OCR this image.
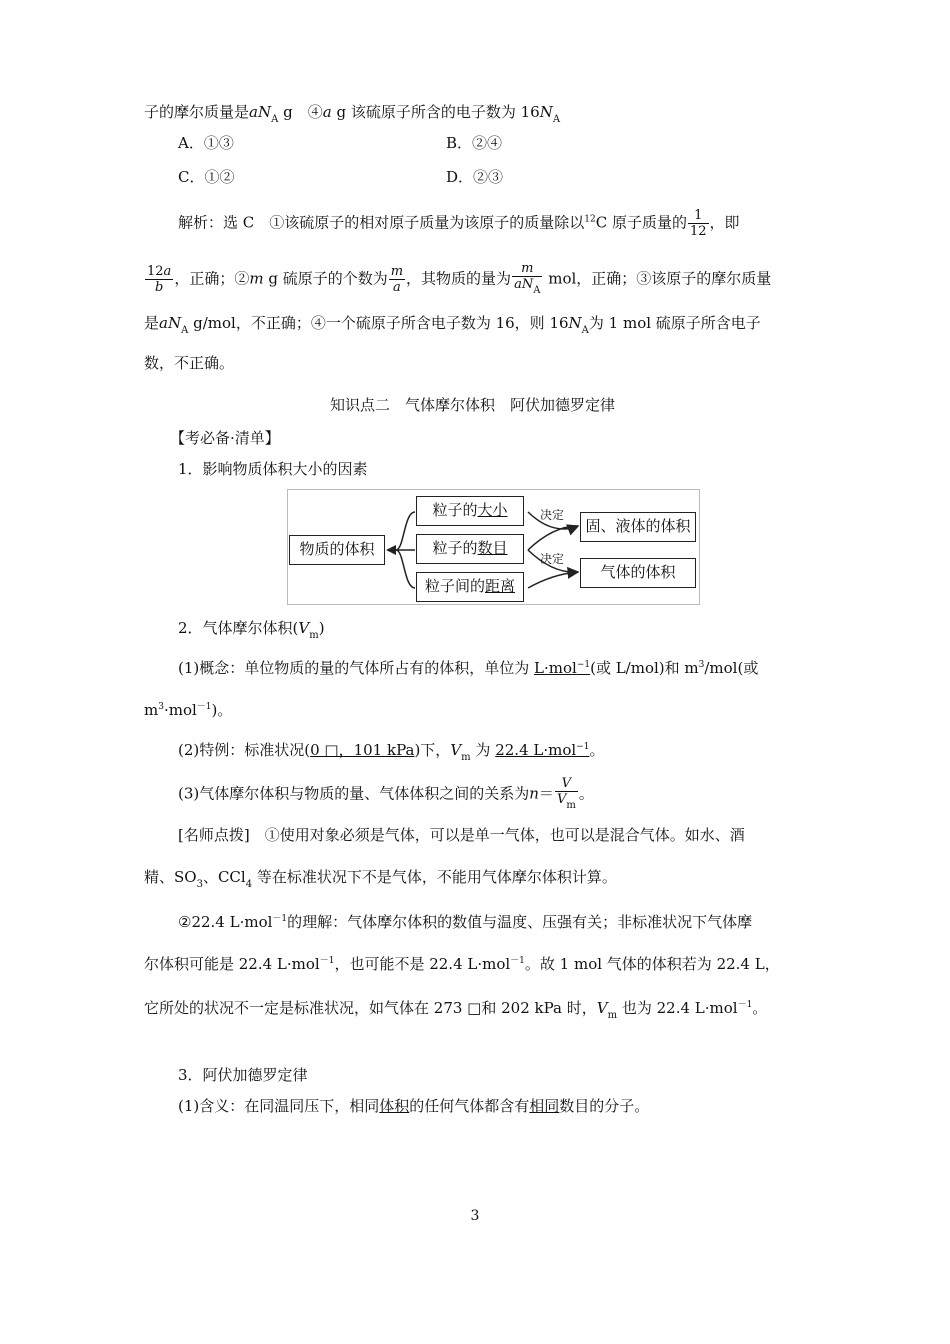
子的摩尔质量是$aN_A$ g　④a g 该硫原子所含的电子数为 $16N_A$
A．①③	B．②④
C．①②	D．②③
解析：选 C　①该硫原子的相对原子质量为该原子的质量除以$^{12}$C 原子质量的 $\frac{1}{12}$ ，即
$\frac{12a}{b}$ ，正确；②m g 硫原子的个数为 $\frac{m}{a}$ ，其物质的量为 $\frac{m}{aN_A}$ mol，正确；③该原子的摩尔质量
是$aN_A$ g/mol，不正确；④一个硫原子所含电子数为 16，则 $16N_A$为 1 mol 硫原子所含电子
数，不正确。
知识点二　气体摩尔体积　阿伏加德罗定律
【考必备·清单】
1．影响物质体积大小的因素
物质的体积
粒子的大小
粒子的数目
粒子间的距离
决定
决定
固、液体的体积
气体的体积
2．气体摩尔体积$(V_m)$
(1)概念：单位物质的量的气体所占有的体积，单位为 L·mol$^{-1}$(或 L/mol)和 $m^3/mol$(或
$m^3\cdot mol^{-1}$)。
(2)特例：标准状况(0 □，101 kPa)下，$V_m$ 为 22.4 L·mol$^{-1}$。
(3)气体摩尔体积与物质的量、气体体积之间的关系为$n= \frac{V}{V_m}$ 。
[名师点拨]　①使用对象必须是气体，可以是单一气体，也可以是混合气体。如水、酒
精、$SO_3$、CCl$_4$ 等在标准状况下不是气体，不能用气体摩尔体积计算。
②22.4 L·mol$^{-1}$的理解：气体摩尔体积的数值与温度、压强有关；非标准状况下气体摩
尔体积可能是 22.4 L·mol$^{-1}$，也可能不是 22.4 L·mol$^{-1}$。故 1 mol 气体的体积若为 22.4 L，
它所处的状况不一定是标准状况，如气体在 273 □和 202 kPa 时，$V_m$ 也为 22.4 L·mol$^{-1}$。
3．阿伏加德罗定律
(1)含义：在同温同压下，相同体积的任何气体都含有相同数目的分子。
3
